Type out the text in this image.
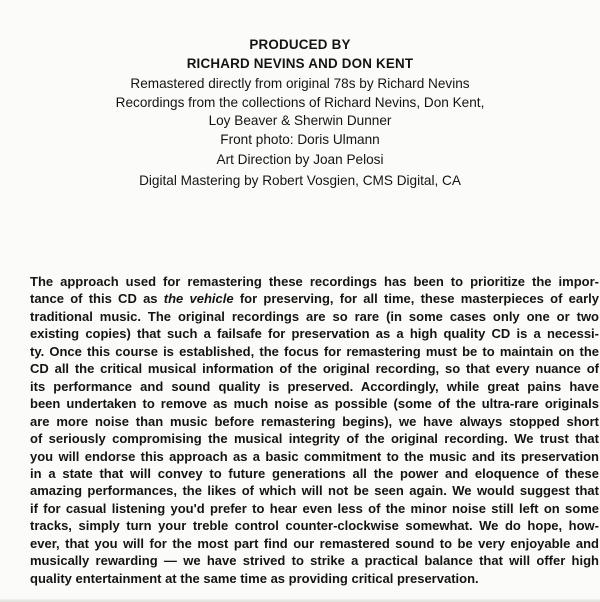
PRODUCED BY
RICHARD NEVINS AND DON KENT
Remastered directly from original 78s by Richard Nevins
Recordings from the collections of Richard Nevins, Don Kent,
Loy Beaver & Sherwin Dunner
Front photo: Doris Ulmann
Art Direction by Joan Pelosi
Digital Mastering by Robert Vosgien, CMS Digital, CA
The approach used for remastering these recordings has been to prioritize the impor-
tance of this CD as the vehicle for preserving, for all time, these masterpieces of early
traditional music. The original recordings are so rare (in some cases only one or two
existing copies) that such a failsafe for preservation as a high quality CD is a necessi-
ty. Once this course is established, the focus for remastering must be to maintain on the
CD all the critical musical information of the original recording, so that every nuance of
its performance and sound quality is preserved. Accordingly, while great pains have
been undertaken to remove as much noise as possible (some of the ultra-rare originals
are more noise than music before remastering begins), we have always stopped short
of seriously compromising the musical integrity of the original recording. We trust that
you will endorse this approach as a basic commitment to the music and its preservation
in a state that will convey to future generations all the power and eloquence of these
amazing performances, the likes of which will not be seen again. We would suggest that
if for casual listening you'd prefer to hear even less of the minor noise still left on some
tracks, simply turn your treble control counter-clockwise somewhat. We do hope, how-
ever, that you will for the most part find our remastered sound to be very enjoyable and
musically rewarding — we have strived to strike a practical balance that will offer high
quality entertainment at the same time as providing critical preservation.
